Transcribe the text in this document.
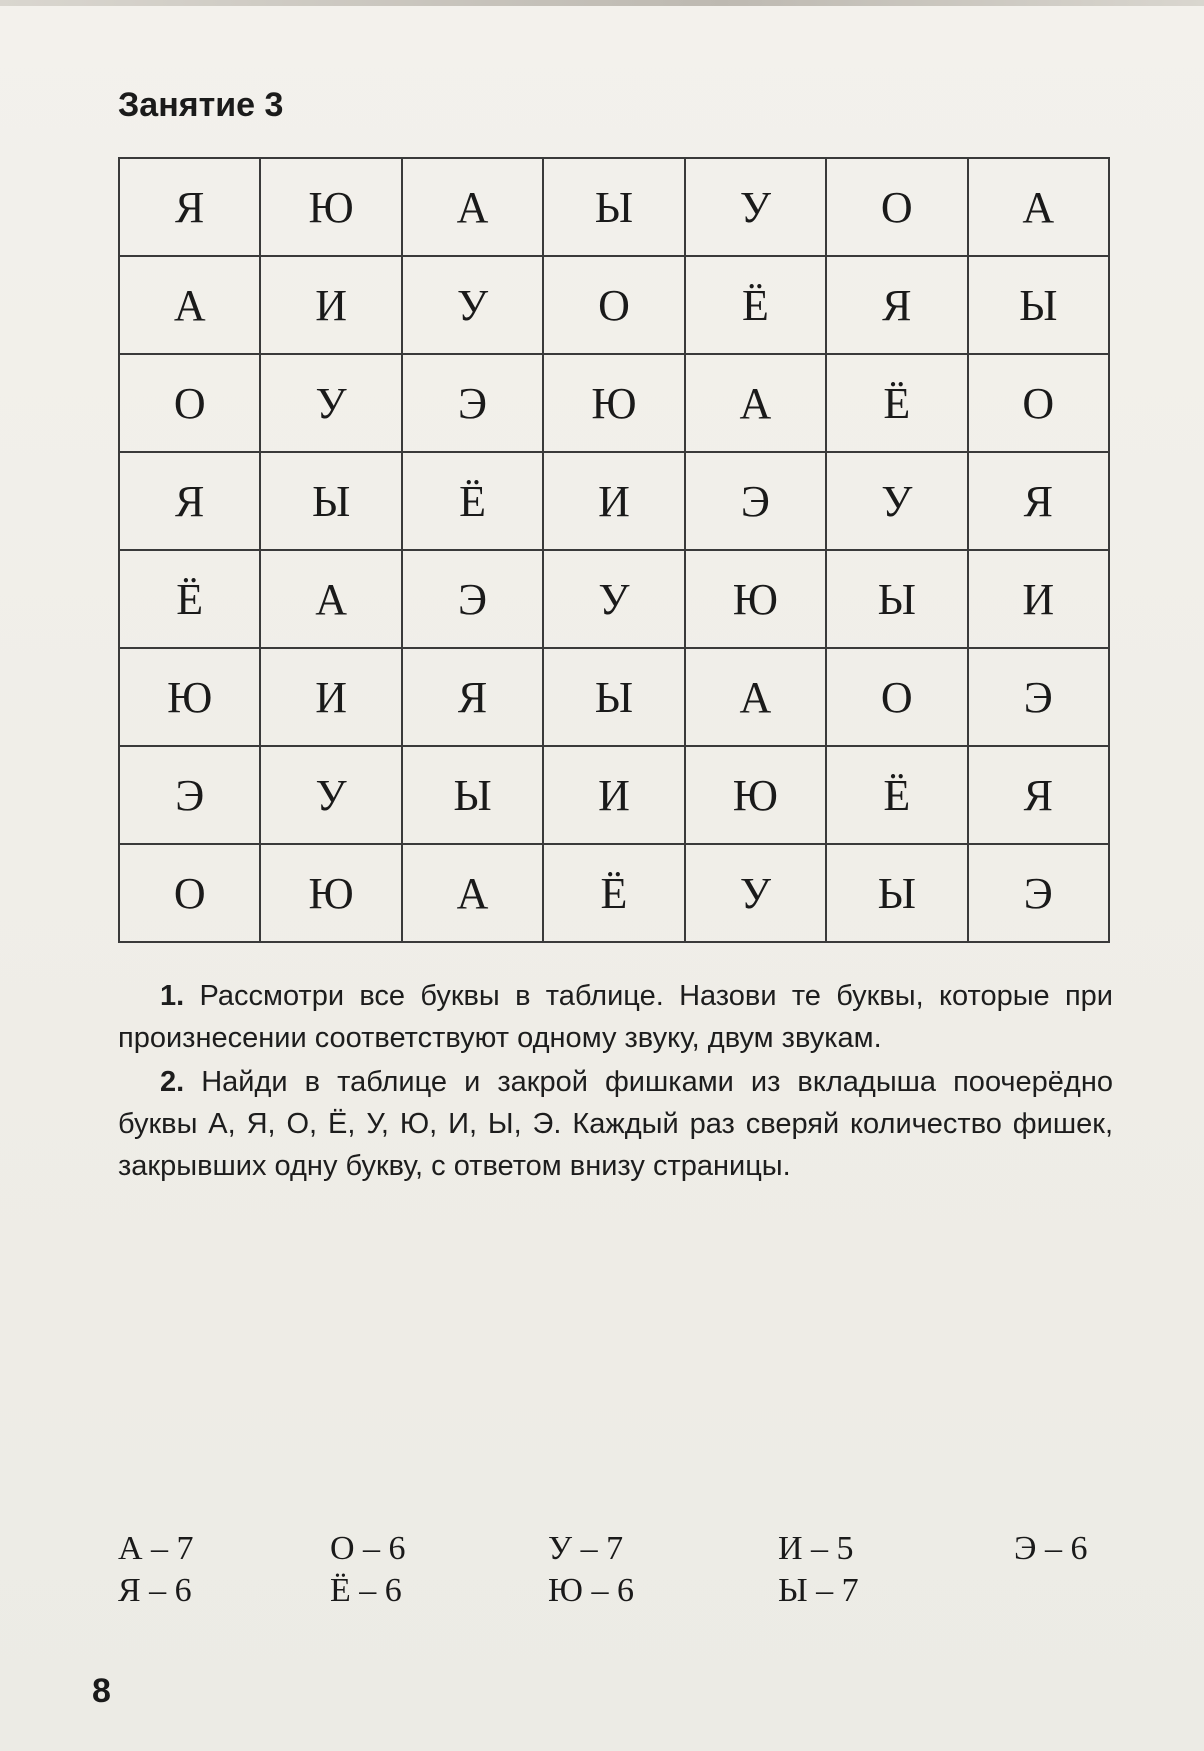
Занятие 3
Я	Ю	А	Ы	У	О	А
А	И	У	О	Ё	Я	Ы
О	У	Э	Ю	А	Ё	О
Я	Ы	Ё	И	Э	У	Я
Ё	А	Э	У	Ю	Ы	И
Ю	И	Я	Ы	А	О	Э
Э	У	Ы	И	Ю	Ё	Я
О	Ю	А	Ё	У	Ы	Э

1. Рассмотри все буквы в таблице. Назови те буквы, которые при произнесении соответствуют одному звуку, двум звукам.

2. Найди в таблице и закрой фишками из вкладыша поочерёдно буквы А, Я, О, Ё, У, Ю, И, Ы, Э. Каждый раз сверяй количество фишек, закрывших одну букву, с ответом внизу страницы.

А – 7	О – 6	У – 7	И – 5	Э – 6
Я – 6	Ё – 6	Ю – 6	Ы – 7
8
